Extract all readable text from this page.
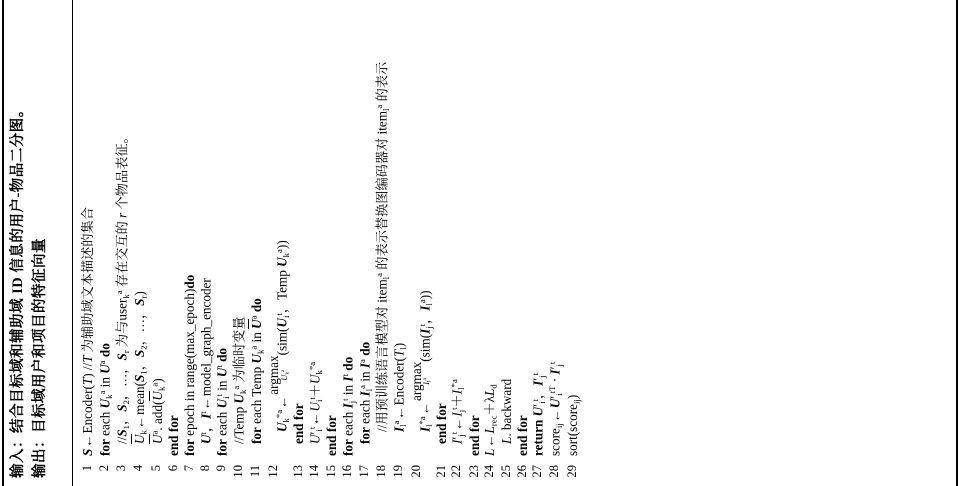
输入：结合目标域和辅助域 ID 信息的用户-物品二分图。
输出：目标域用户和项目的特征向量
1
S←Encoder(T) //T 为辅助域文本描述的集合
2
for each $U_k^a$ in $U^a$ do
3
$//S_1$，$S_2$，…，$S_r$ 为与user$_k^a$ 存在交互的 r 个物品表征。
4
$U_k\leftarrow mean(S_1$，$S_2$，…，$S_r$)
5
$U^a$. $add(U_k^a)$
6
end for
7
for epoch in range(max_epoch)do
8
$U^t$，$I^t\leftarrow model\_graph\_encoder$
9
for each $U_i^t$ in $U^t$ do
10
//Temp $U_k^a$ 为临时变量
11
for each Temp $U_k^a$ in $U^a$ do
12
$U_k^{*a}\leftarrow$
argmax
$U_k^a$
($sim(U_i^t$，Temp $U_k^a$))
13
end for
14
$U'_i^t\leftarrow U_i^t+U_k^{*a}$
15
end for
16
for each $I_j^t$ in $I^t$ do
17
for each $I_l^a$ in $I^a$ do
18
//用预训练语言模型对 item$_l^a$ 的表示替换图编码器对 item$_l^a$ 的表示
19
$I_l^a\leftarrow Encoder(T_l)$
20
$I_l^{*a}\leftarrow$
argmax
$I_l^a$
($sim(I_j^t$，$I_l^a$))
21
end for
22
$I'_j^t\leftarrow I_j^t+I_l^{*a}$
23
end for
24
$L\leftarrow L_{rec}+\lambda L_d$
25
L. backward
26
end for
27
return $U'_i^t$，$I'_j^t$
28
$score_{ij}\leftarrow U'_i^{tT} \cdot I'_j^t$
29
sort(score$_{ij}$)
